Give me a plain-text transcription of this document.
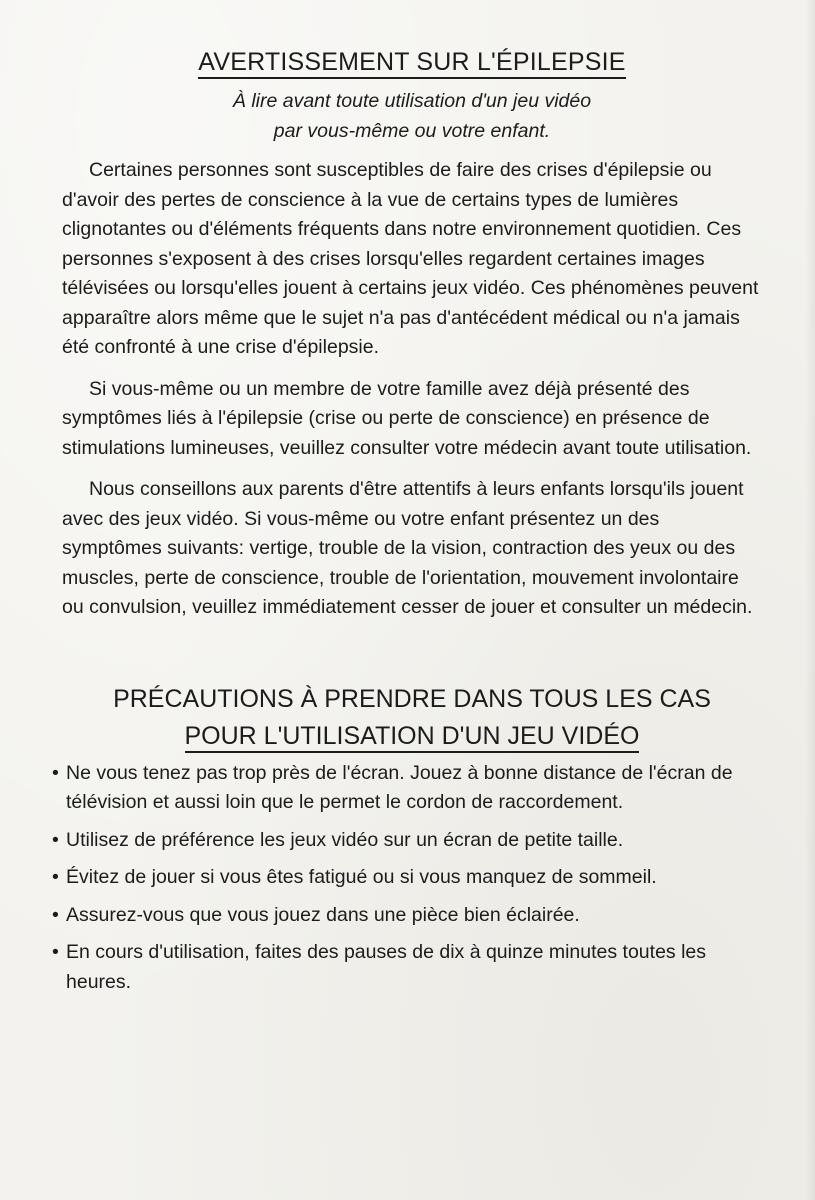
AVERTISSEMENT SUR L'ÉPILEPSIE
À lire avant toute utilisation d'un jeu vidéo
par vous-même ou votre enfant.

Certaines personnes sont susceptibles de faire des crises d'épilepsie ou d'avoir des pertes de conscience à la vue de certains types de lumières clignotantes ou d'éléments fréquents dans notre environnement quotidien. Ces personnes s'exposent à des crises lorsqu'elles regardent certaines images télévisées ou lorsqu'elles jouent à certains jeux vidéo. Ces phénomènes peuvent apparaître alors même que le sujet n'a pas d'antécédent médical ou n'a jamais été confronté à une crise d'épilepsie.

Si vous-même ou un membre de votre famille avez déjà présenté des symptômes liés à l'épilepsie (crise ou perte de conscience) en présence de stimulations lumineuses, veuillez consulter votre médecin avant toute utilisation.

Nous conseillons aux parents d'être attentifs à leurs enfants lorsqu'ils jouent avec des jeux vidéo. Si vous-même ou votre enfant présentez un des symptômes suivants: vertige, trouble de la vision, contraction des yeux ou des muscles, perte de conscience, trouble de l'orientation, mouvement involontaire ou convulsion, veuillez immédiatement cesser de jouer et consulter un médecin.

PRÉCAUTIONS À PRENDRE DANS TOUS LES CAS
POUR L'UTILISATION D'UN JEU VIDÉO
• Ne vous tenez pas trop près de l'écran. Jouez à bonne distance de l'écran de télévision et aussi loin que le permet le cordon de raccordement.
• Utilisez de préférence les jeux vidéo sur un écran de petite taille.
• Évitez de jouer si vous êtes fatigué ou si vous manquez de sommeil.
• Assurez-vous que vous jouez dans une pièce bien éclairée.
• En cours d'utilisation, faites des pauses de dix à quinze minutes toutes les heures.
